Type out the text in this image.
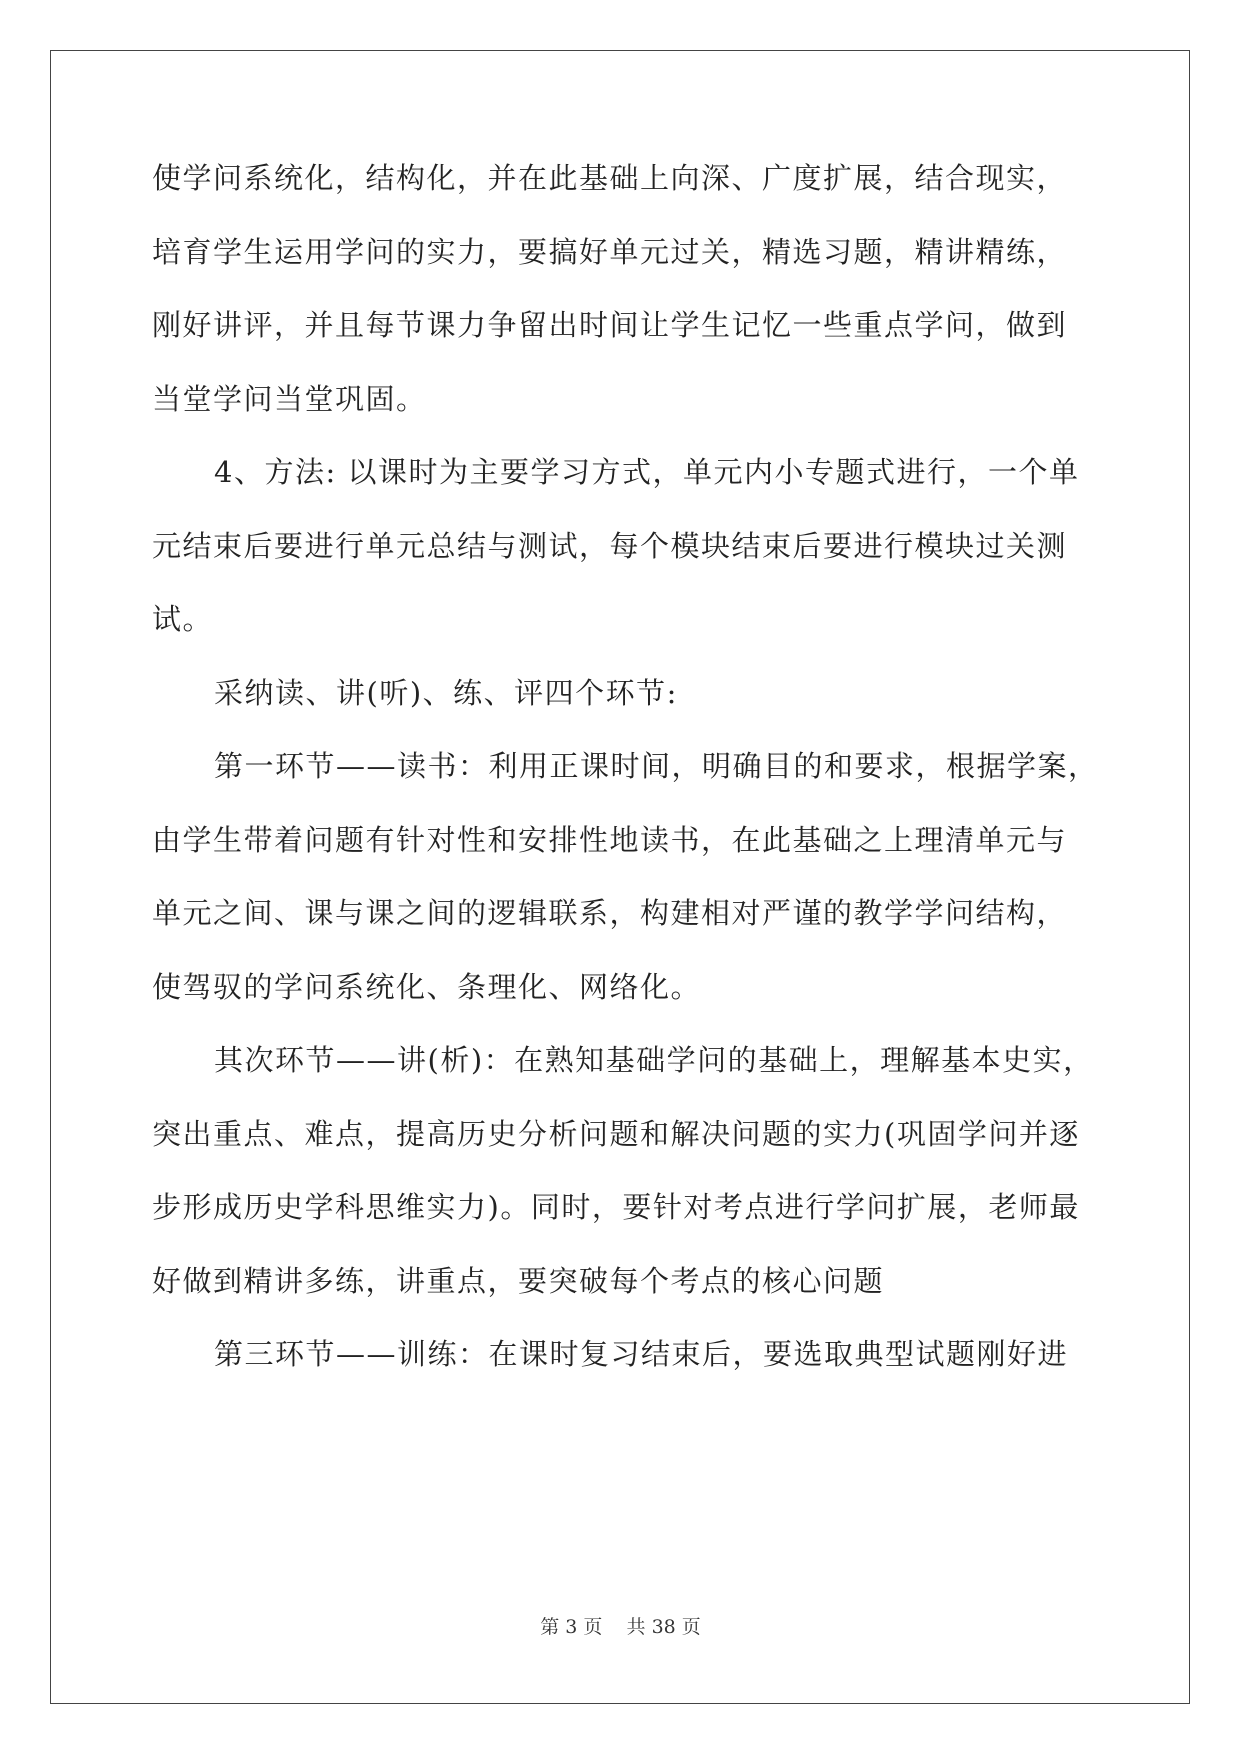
使学问系统化，结构化，并在此基础上向深、广度扩展，结合现实，
培育学生运用学问的实力，要搞好单元过关，精选习题，精讲精练，
刚好讲评，并且每节课力争留出时间让学生记忆一些重点学问，做到
当堂学问当堂巩固。
4、方法: 以课时为主要学习方式，单元内小专题式进行，一个单
元结束后要进行单元总结与测试，每个模块结束后要进行模块过关测
试。
采纳读、讲(听)、练、评四个环节:
第一环节——读书：利用正课时间，明确目的和要求，根据学案，
由学生带着问题有针对性和安排性地读书，在此基础之上理清单元与
单元之间、课与课之间的逻辑联系，构建相对严谨的教学学问结构，
使驾驭的学问系统化、条理化、网络化。
其次环节——讲(析)：在熟知基础学问的基础上，理解基本史实，
突出重点、难点，提高历史分析问题和解决问题的实力(巩固学问并逐
步形成历史学科思维实力)。同时，要针对考点进行学问扩展，老师最
好做到精讲多练，讲重点，要突破每个考点的核心问题
第三环节——训练：在课时复习结束后，要选取典型试题刚好进
第 3 页    共 38 页
